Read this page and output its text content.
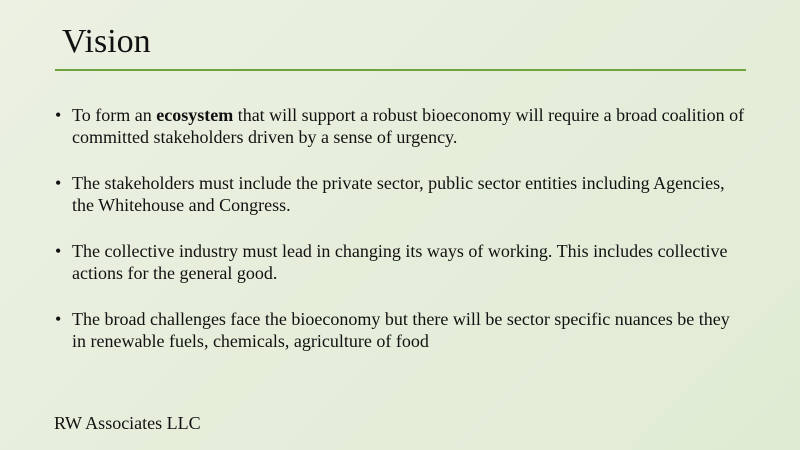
Vision
• To form an ecosystem that will support a robust bioeconomy will require a broad coalition of committed stakeholders driven by a sense of urgency.
• The stakeholders must include the private sector, public sector entities including Agencies, the Whitehouse and Congress.
• The collective industry must lead in changing its ways of working. This includes collective actions for the general good.
• The broad challenges face the bioeconomy but there will be sector specific nuances be they in renewable fuels, chemicals, agriculture of food
RW Associates LLC
